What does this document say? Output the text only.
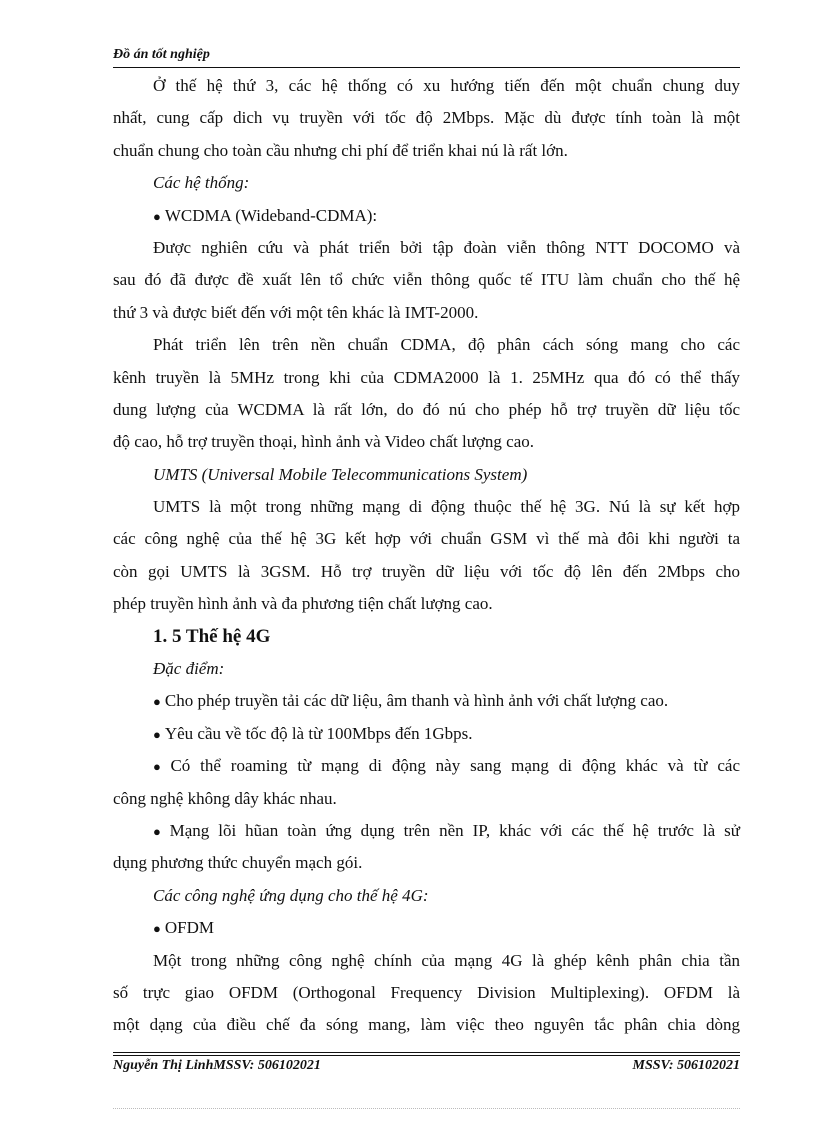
Đồ án tốt nghiệp
Ở thế hệ thứ 3, các hệ thống có xu hướng tiến đến một chuẩn chung duy
nhất, cung cấp dich vụ truyền với tốc độ 2Mbps. Mặc dù được tính toàn là một
chuẩn chung cho toàn cầu nhưng chi phí để triển khai nú là rất lớn.
Các hệ thống:
● WCDMA (Wideband-CDMA):
Được nghiên cứu và phát triển bởi tập đoàn viễn thông NTT DOCOMO và
sau đó đã được đề xuất lên tổ chức viễn thông quốc tế ITU làm chuẩn cho thế hệ
thứ 3 và được biết đến với một tên khác là IMT-2000.
Phát triển lên trên nền chuẩn CDMA, độ phân cách sóng mang cho các
kênh truyền là 5MHz trong khi của CDMA2000 là 1. 25MHz qua đó có thể thấy
dung lượng của WCDMA là rất lớn, do đó nú cho phép hỗ trợ truyền dữ liệu tốc
độ cao, hỗ trợ truyền thoại, hình ảnh và Video chất lượng cao.
UMTS (Universal Mobile Telecommunications System)
UMTS là một trong những mạng di động thuộc thế hệ 3G. Nú là sự kết hợp
các công nghệ của thế hệ 3G kết hợp với chuẩn GSM vì thế mà đôi khi người ta
còn gọi UMTS là 3GSM. Hỗ trợ truyền dữ liệu với tốc độ lên đến 2Mbps cho
phép truyền hình ảnh và đa phương tiện chất lượng cao.
1. 5 Thế hệ 4G
Đặc điểm:
● Cho phép truyền tải các dữ liệu, âm thanh và hình ảnh với chất lượng cao.
● Yêu cầu về tốc độ là từ 100Mbps đến 1Gbps.
● Có thể roaming từ mạng di động này sang mạng di động khác và từ các
công nghệ không dây khác nhau.
● Mạng lõi hũan toàn ứng dụng trên nền IP, khác với các thế hệ trước là sử
dụng phương thức chuyển mạch gói.
Các công nghệ ứng dụng cho thế hệ 4G:
● OFDM
Một trong những công nghệ chính của mạng 4G là ghép kênh phân chia tần
số trực giao OFDM (Orthogonal Frequency Division Multiplexing). OFDM là
một dạng của điều chế đa sóng mang, làm việc theo nguyên tắc phân chia dòng
Nguyễn Thị LinhMSSV: 506102021	MSSV: 506102021
